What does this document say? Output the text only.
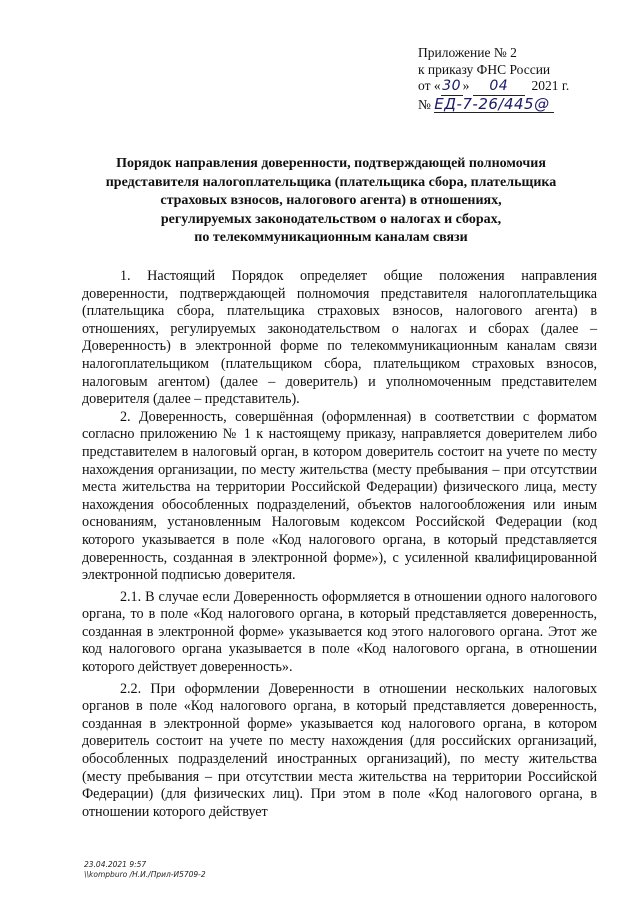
Приложение № 2
к приказу ФНС России
от « 30 » 04 2021 г.
№ ЕД-7-26/445@
Порядок направления доверенности, подтверждающей полномочия
представителя налогоплательщика (плательщика сбора, плательщика
страховых взносов, налогового агента) в отношениях,
регулируемых законодательством о налогах и сборах,
по телекоммуникационным каналам связи

1. Настоящий Порядок определяет общие положения направления доверенности, подтверждающей полномочия представителя налогоплательщика (плательщика сбора, плательщика страховых взносов, налогового агента) в отношениях, регулируемых законодательством о налогах и сборах (далее – Доверенность) в электронной форме по телекоммуникационным каналам связи налогоплательщиком (плательщиком сбора, плательщиком страховых взносов, налоговым агентом) (далее – доверитель) и уполномоченным представителем доверителя (далее – представитель).

2. Доверенность, совершённая (оформленная) в соответствии с форматом согласно приложению № 1 к настоящему приказу, направляется доверителем либо представителем в налоговый орган, в котором доверитель состоит на учете по месту нахождения организации, по месту жительства (месту пребывания – при отсутствии места жительства на территории Российской Федерации) физического лица, месту нахождения обособленных подразделений, объектов налогообложения или иным основаниям, установленным Налоговым кодексом Российской Федерации (код которого указывается в поле «Код налогового органа, в который представляется доверенность, созданная в электронной форме»), с усиленной квалифицированной электронной подписью доверителя.

2.1. В случае если Доверенность оформляется в отношении одного налогового органа, то в поле «Код налогового органа, в который представляется доверенность, созданная в электронной форме» указывается код этого налогового органа. Этот же код налогового органа указывается в поле «Код налогового органа, в отношении которого действует доверенность».

2.2. При оформлении Доверенности в отношении нескольких налоговых органов в поле «Код налогового органа, в который представляется доверенность, созданная в электронной форме» указывается код налогового органа, в котором доверитель состоит на учете по месту нахождения (для российских организаций, обособленных подразделений иностранных организаций), по месту жительства (месту пребывания – при отсутствии места жительства на территории Российской Федерации) (для физических лиц). При этом в поле «Код налогового органа, в отношении которого действует

23.04.2021 9:57
\\kompburo /Н.И./Прил-И5709-2
